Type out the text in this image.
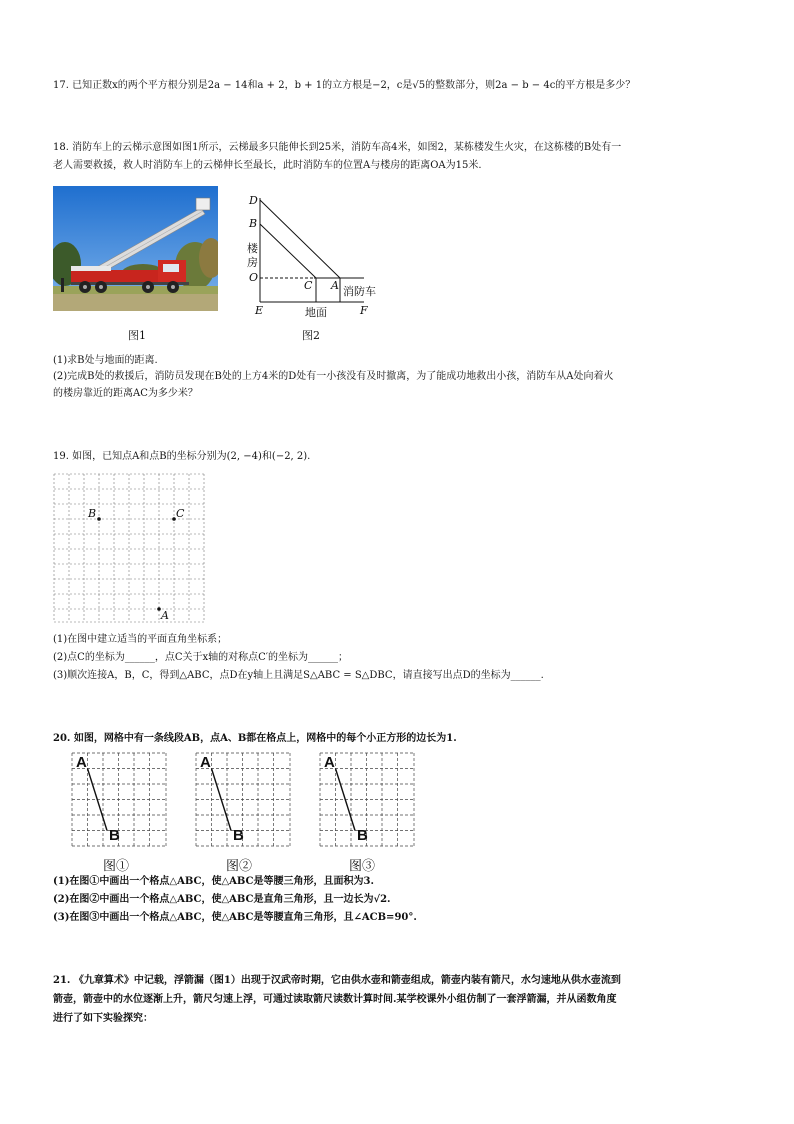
17. 已知正数x的两个平方根分别是2a − 14和a + 2，b + 1的立方根是−2，c是√5的整数部分，则2a − b − 4c的平方根是多少？
18. 消防车上的云梯示意图如图1所示，云梯最多只能伸长到25米，消防车高4米，如图2，某栋楼发生火灾，在这栋楼的B处有一
老人需要救援，救人时消防车上的云梯伸长至最长，此时消防车的位置A与楼房的距离OA为15米.
图1
D
B
楼
房
O
C A 消防车
E	地面	F
图2
(1)求B处与地面的距离.
(2)完成B处的救援后，消防员发现在B处的上方4米的D处有一小孩没有及时撤离，为了能成功地救出小孩，消防车从A处向着火
的楼房靠近的距离AC为多少米？
19. 如图，已知点A和点B的坐标分别为(2, −4)和(−2, 2).
B	C
A
(1)在图中建立适当的平面直角坐标系；
(2)点C的坐标为______，点C关于x轴的对称点C′的坐标为______；
(3)顺次连接A，B，C，得到△ABC，点D在y轴上且满足S△ABC = S△DBC，请直接写出点D的坐标为______.
20. 如图，网格中有一条线段AB，点A、B都在格点上，网格中的每个小正方形的边长为1.
A
B
图①
A
B
图②
A
B
图③
(1)在图①中画出一个格点△ABC，使△ABC是等腰三角形，且面积为3.
(2)在图②中画出一个格点△ABC，使△ABC是直角三角形，且一边长为√2.
(3)在图③中画出一个格点△ABC，使△ABC是等腰直角三角形，且∠ACB=90°.
21. 《九章算术》中记载，浮箭漏（图1）出现于汉武帝时期，它由供水壶和箭壶组成，箭壶内装有箭尺，水匀速地从供水壶流到
箭壶，箭壶中的水位逐渐上升，箭尺匀速上浮，可通过读取箭尺读数计算时间.某学校课外小组仿制了一套浮箭漏，并从函数角度
进行了如下实验探究：
